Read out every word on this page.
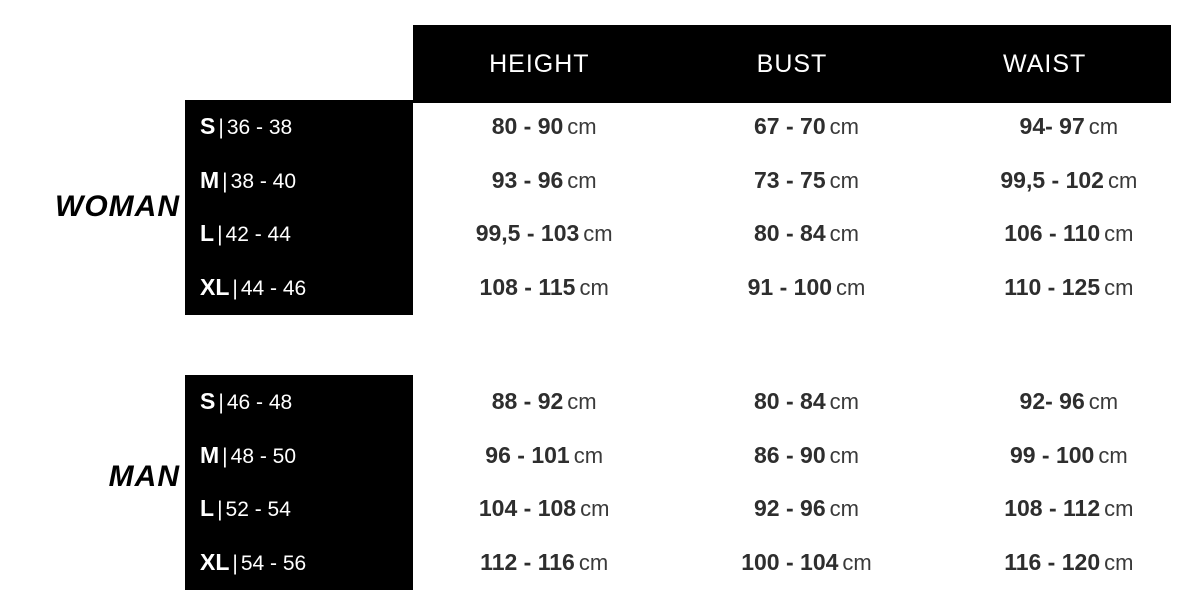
HEIGHT	BUST	WAIST
WOMAN
MAN
S | 36 - 38	80 - 90 cm	67 - 70 cm	94- 97 cm
M | 38 - 40	93 - 96 cm	73 - 75 cm	99,5 - 102 cm
L | 42 - 44	99,5 - 103 cm	80 - 84 cm	106 - 110 cm
XL | 44 - 46	108 - 115 cm	91 - 100 cm	110 - 125 cm
S | 46 - 48	88 - 92 cm	80 - 84 cm	92- 96 cm
M | 48 - 50	96 - 101 cm	86 - 90 cm	99 - 100 cm
L | 52 - 54	104 - 108 cm	92 - 96 cm	108 - 112 cm
XL | 54 - 56	112 - 116 cm	100 - 104 cm	116 - 120 cm
